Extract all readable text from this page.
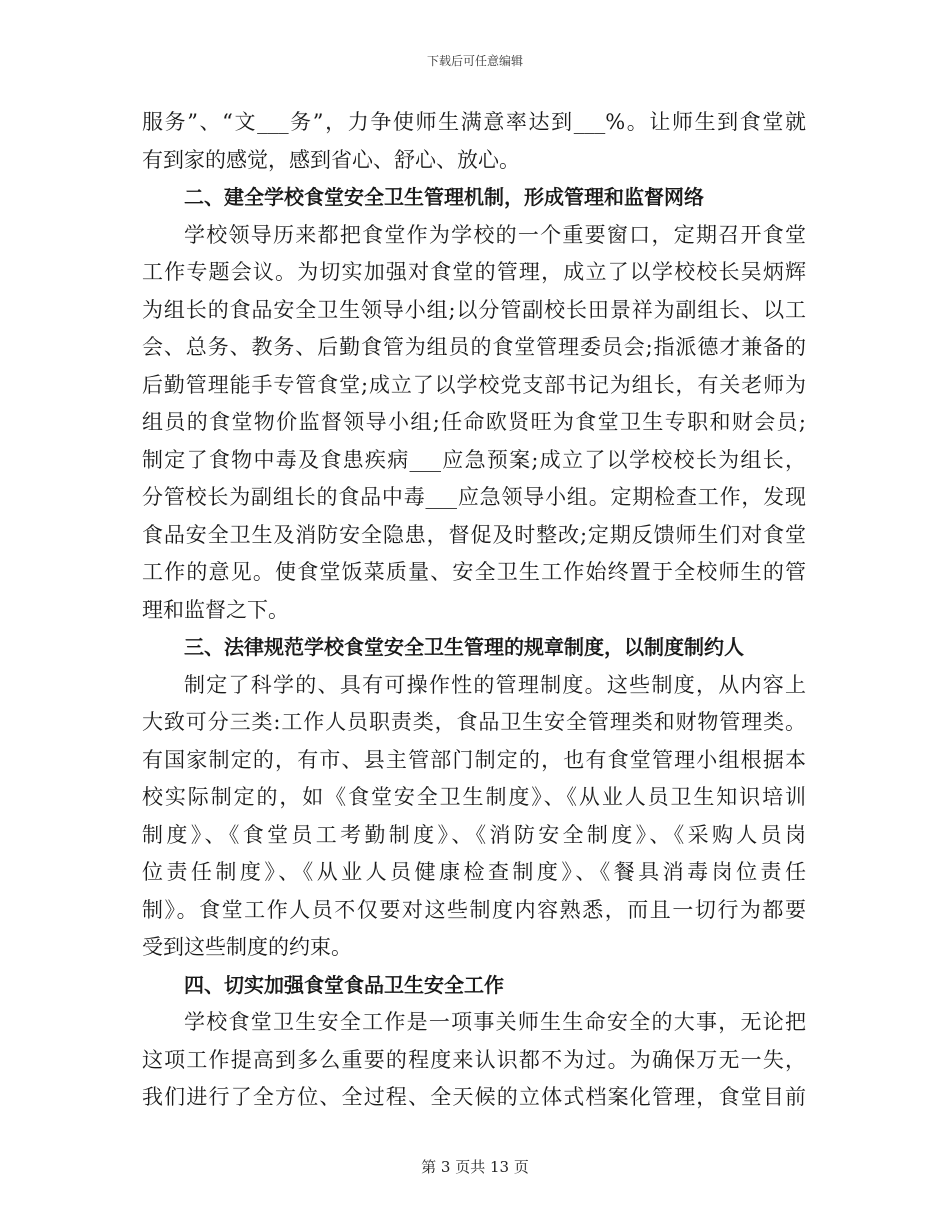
下载后可任意编辑
服务”、“文___务”，力争使师生满意率达到___%。让师生到食堂就
有到家的感觉，感到省心、舒心、放心。
二、建全学校食堂安全卫生管理机制，形成管理和监督网络
学校领导历来都把食堂作为学校的一个重要窗口，定期召开食堂
工作专题会议。为切实加强对食堂的管理，成立了以学校校长吴炳辉
为组长的食品安全卫生领导小组;以分管副校长田景祥为副组长、以工
会、总务、教务、后勤食管为组员的食堂管理委员会;指派德才兼备的
后勤管理能手专管食堂;成立了以学校党支部书记为组长，有关老师为
组员的食堂物价监督领导小组;任命欧贤旺为食堂卫生专职和财会员;
制定了食物中毒及食患疾病___应急预案;成立了以学校校长为组长，
分管校长为副组长的食品中毒___应急领导小组。定期检查工作，发现
食品安全卫生及消防安全隐患，督促及时整改;定期反馈师生们对食堂
工作的意见。使食堂饭菜质量、安全卫生工作始终置于全校师生的管
理和监督之下。
三、法律规范学校食堂安全卫生管理的规章制度，以制度制约人
制定了科学的、具有可操作性的管理制度。这些制度，从内容上
大致可分三类:工作人员职责类，食品卫生安全管理类和财物管理类。
有国家制定的，有市、县主管部门制定的，也有食堂管理小组根据本
校实际制定的，如《食堂安全卫生制度》、《从业人员卫生知识培训
制度》、《食堂员工考勤制度》、《消防安全制度》、《采购人员岗
位责任制度》、《从业人员健康检查制度》、《餐具消毒岗位责任
制》。食堂工作人员不仅要对这些制度内容熟悉，而且一切行为都要
受到这些制度的约束。
四、切实加强食堂食品卫生安全工作
学校食堂卫生安全工作是一项事关师生生命安全的大事，无论把
这项工作提高到多么重要的程度来认识都不为过。为确保万无一失，
我们进行了全方位、全过程、全天候的立体式档案化管理，食堂目前
第 3 页共 13 页
